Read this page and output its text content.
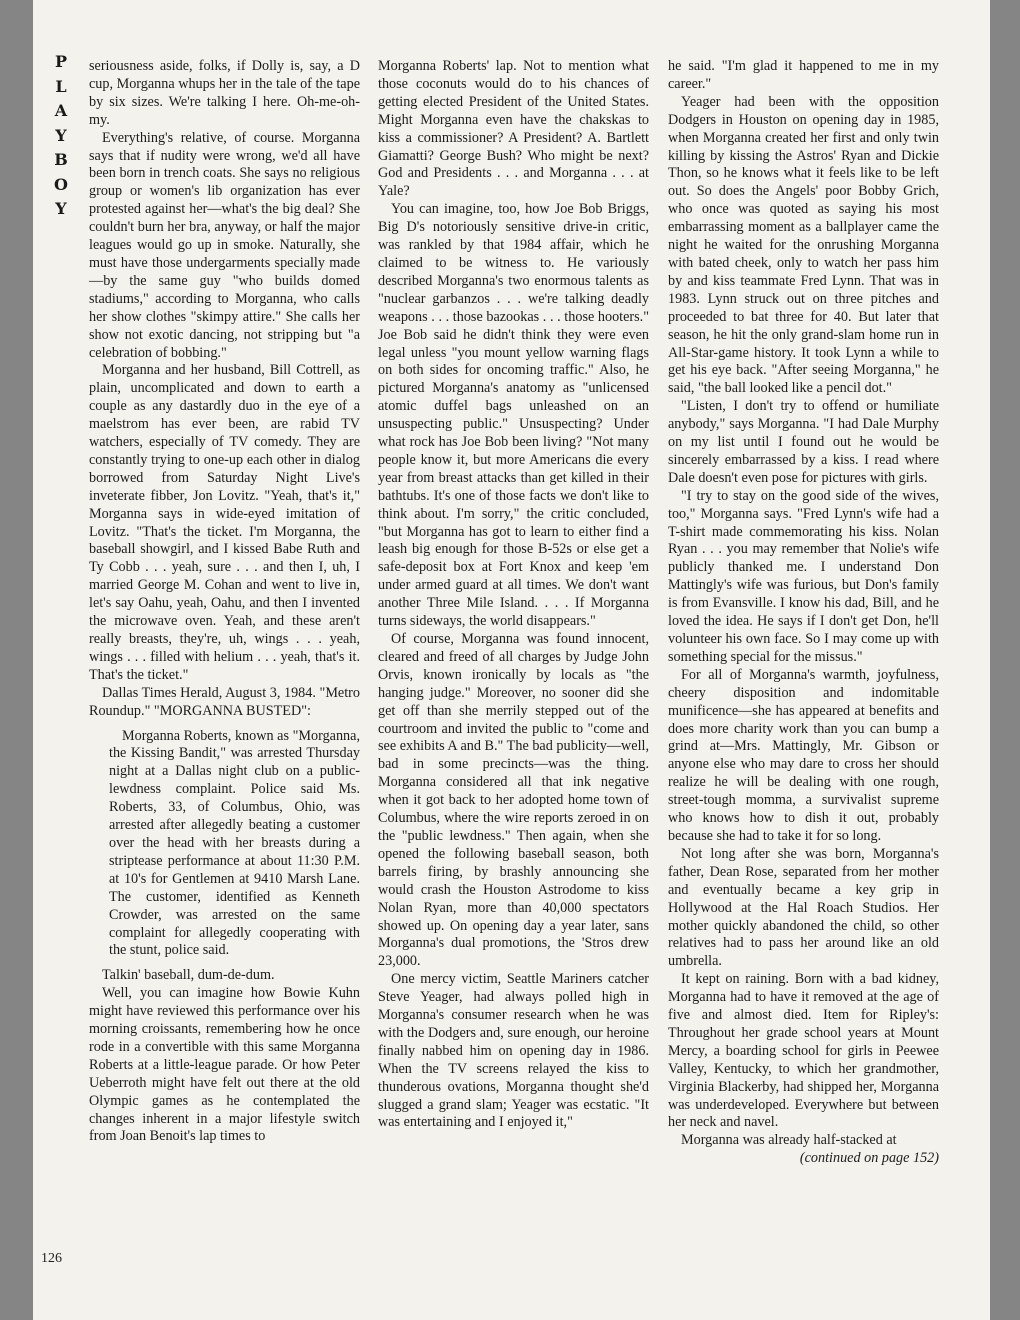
P
L
A
Y
B
O
Y
126

seriousness aside, folks, if Dolly is, say, a D cup, Morganna whups her in the tale of the tape by six sizes. We're talking I here. Oh-me-oh-my.

Everything's relative, of course. Morganna says that if nudity were wrong, we'd all have been born in trench coats. She says no religious group or women's lib organization has ever protested against her—what's the big deal? She couldn't burn her bra, anyway, or half the major leagues would go up in smoke. Naturally, she must have those undergarments specially made—by the same guy "who builds domed stadiums," according to Morganna, who calls her show clothes "skimpy attire." She calls her show not exotic dancing, not stripping but "a celebration of bobbing."

Morganna and her husband, Bill Cottrell, as plain, uncomplicated and down to earth a couple as any dastardly duo in the eye of a maelstrom has ever been, are rabid TV watchers, especially of TV comedy. They are constantly trying to one-up each other in dialog borrowed from Saturday Night Live's inveterate fibber, Jon Lovitz. "Yeah, that's it," Morganna says in wide-eyed imitation of Lovitz. "That's the ticket. I'm Morganna, the baseball showgirl, and I kissed Babe Ruth and Ty Cobb . . . yeah, sure . . . and then I, uh, I married George M. Cohan and went to live in, let's say Oahu, yeah, Oahu, and then I invented the microwave oven. Yeah, and these aren't really breasts, they're, uh, wings . . . yeah, wings . . . filled with helium . . . yeah, that's it. That's the ticket."

Dallas Times Herald, August 3, 1984. "Metro Roundup." "MORGANNA BUSTED":

Morganna Roberts, known as "Morganna, the Kissing Bandit," was arrested Thursday night at a Dallas night club on a public-lewdness complaint. Police said Ms. Roberts, 33, of Columbus, Ohio, was arrested after allegedly beating a customer over the head with her breasts during a striptease performance at about 11:30 P.M. at 10's for Gentlemen at 9410 Marsh Lane. The customer, identified as Kenneth Crowder, was arrested on the same complaint for allegedly cooperating with the stunt, police said.

Talkin' baseball, dum-de-dum.

Well, you can imagine how Bowie Kuhn might have reviewed this performance over his morning croissants, remembering how he once rode in a convertible with this same Morganna Roberts at a little-league parade. Or how Peter Ueberroth might have felt out there at the old Olympic games as he contemplated the changes inherent in a major lifestyle switch from Joan Benoit's lap times to

Morganna Roberts' lap. Not to mention what those coconuts would do to his chances of getting elected President of the United States. Might Morganna even have the chakskas to kiss a commissioner? A President? A. Bartlett Giamatti? George Bush? Who might be next? God and Presidents . . . and Morganna . . . at Yale?

You can imagine, too, how Joe Bob Briggs, Big D's notoriously sensitive drive-in critic, was rankled by that 1984 affair, which he claimed to be witness to. He variously described Morganna's two enormous talents as "nuclear garbanzos . . . we're talking deadly weapons . . . those bazookas . . . those hooters." Joe Bob said he didn't think they were even legal unless "you mount yellow warning flags on both sides for oncoming traffic." Also, he pictured Morganna's anatomy as "unlicensed atomic duffel bags unleashed on an unsuspecting public." Unsuspecting? Under what rock has Joe Bob been living? "Not many people know it, but more Americans die every year from breast attacks than get killed in their bathtubs. It's one of those facts we don't like to think about. I'm sorry," the critic concluded, "but Morganna has got to learn to either find a leash big enough for those B-52s or else get a safe-deposit box at Fort Knox and keep 'em under armed guard at all times. We don't want another Three Mile Island. . . . If Morganna turns sideways, the world disappears."

Of course, Morganna was found innocent, cleared and freed of all charges by Judge John Orvis, known ironically by locals as "the hanging judge." Moreover, no sooner did she get off than she merrily stepped out of the courtroom and invited the public to "come and see exhibits A and B." The bad publicity—well, bad in some precincts—was the thing. Morganna considered all that ink negative when it got back to her adopted home town of Columbus, where the wire reports zeroed in on the "public lewdness." Then again, when she opened the following baseball season, both barrels firing, by brashly announcing she would crash the Houston Astrodome to kiss Nolan Ryan, more than 40,000 spectators showed up. On opening day a year later, sans Morganna's dual promotions, the 'Stros drew 23,000.

One mercy victim, Seattle Mariners catcher Steve Yeager, had always polled high in Morganna's consumer research when he was with the Dodgers and, sure enough, our heroine finally nabbed him on opening day in 1986. When the TV screens relayed the kiss to thunderous ovations, Morganna thought she'd slugged a grand slam; Yeager was ecstatic. "It was entertaining and I enjoyed it,"

he said. "I'm glad it happened to me in my career."

Yeager had been with the opposition Dodgers in Houston on opening day in 1985, when Morganna created her first and only twin killing by kissing the Astros' Ryan and Dickie Thon, so he knows what it feels like to be left out. So does the Angels' poor Bobby Grich, who once was quoted as saying his most embarrassing moment as a ballplayer came the night he waited for the onrushing Morganna with bated cheek, only to watch her pass him by and kiss teammate Fred Lynn. That was in 1983. Lynn struck out on three pitches and proceeded to bat three for 40. But later that season, he hit the only grand-slam home run in All-Star-game history. It took Lynn a while to get his eye back. "After seeing Morganna," he said, "the ball looked like a pencil dot."

"Listen, I don't try to offend or humiliate anybody," says Morganna. "I had Dale Murphy on my list until I found out he would be sincerely embarrassed by a kiss. I read where Dale doesn't even pose for pictures with girls.

"I try to stay on the good side of the wives, too," Morganna says. "Fred Lynn's wife had a T-shirt made commemorating his kiss. Nolan Ryan . . . you may remember that Nolie's wife publicly thanked me. I understand Don Mattingly's wife was furious, but Don's family is from Evansville. I know his dad, Bill, and he loved the idea. He says if I don't get Don, he'll volunteer his own face. So I may come up with something special for the missus."

For all of Morganna's warmth, joyfulness, cheery disposition and indomitable munificence—she has appeared at benefits and does more charity work than you can bump a grind at—Mrs. Mattingly, Mr. Gibson or anyone else who may dare to cross her should realize he will be dealing with one rough, street-tough momma, a survivalist supreme who knows how to dish it out, probably because she had to take it for so long.

Not long after she was born, Morganna's father, Dean Rose, separated from her mother and eventually became a key grip in Hollywood at the Hal Roach Studios. Her mother quickly abandoned the child, so other relatives had to pass her around like an old umbrella.

It kept on raining. Born with a bad kidney, Morganna had to have it removed at the age of five and almost died. Item for Ripley's: Throughout her grade school years at Mount Mercy, a boarding school for girls in Peewee Valley, Kentucky, to which her grandmother, Virginia Blackerby, had shipped her, Morganna was underdeveloped. Everywhere but between her neck and navel.

Morganna was already half-stacked at

(continued on page 152)
